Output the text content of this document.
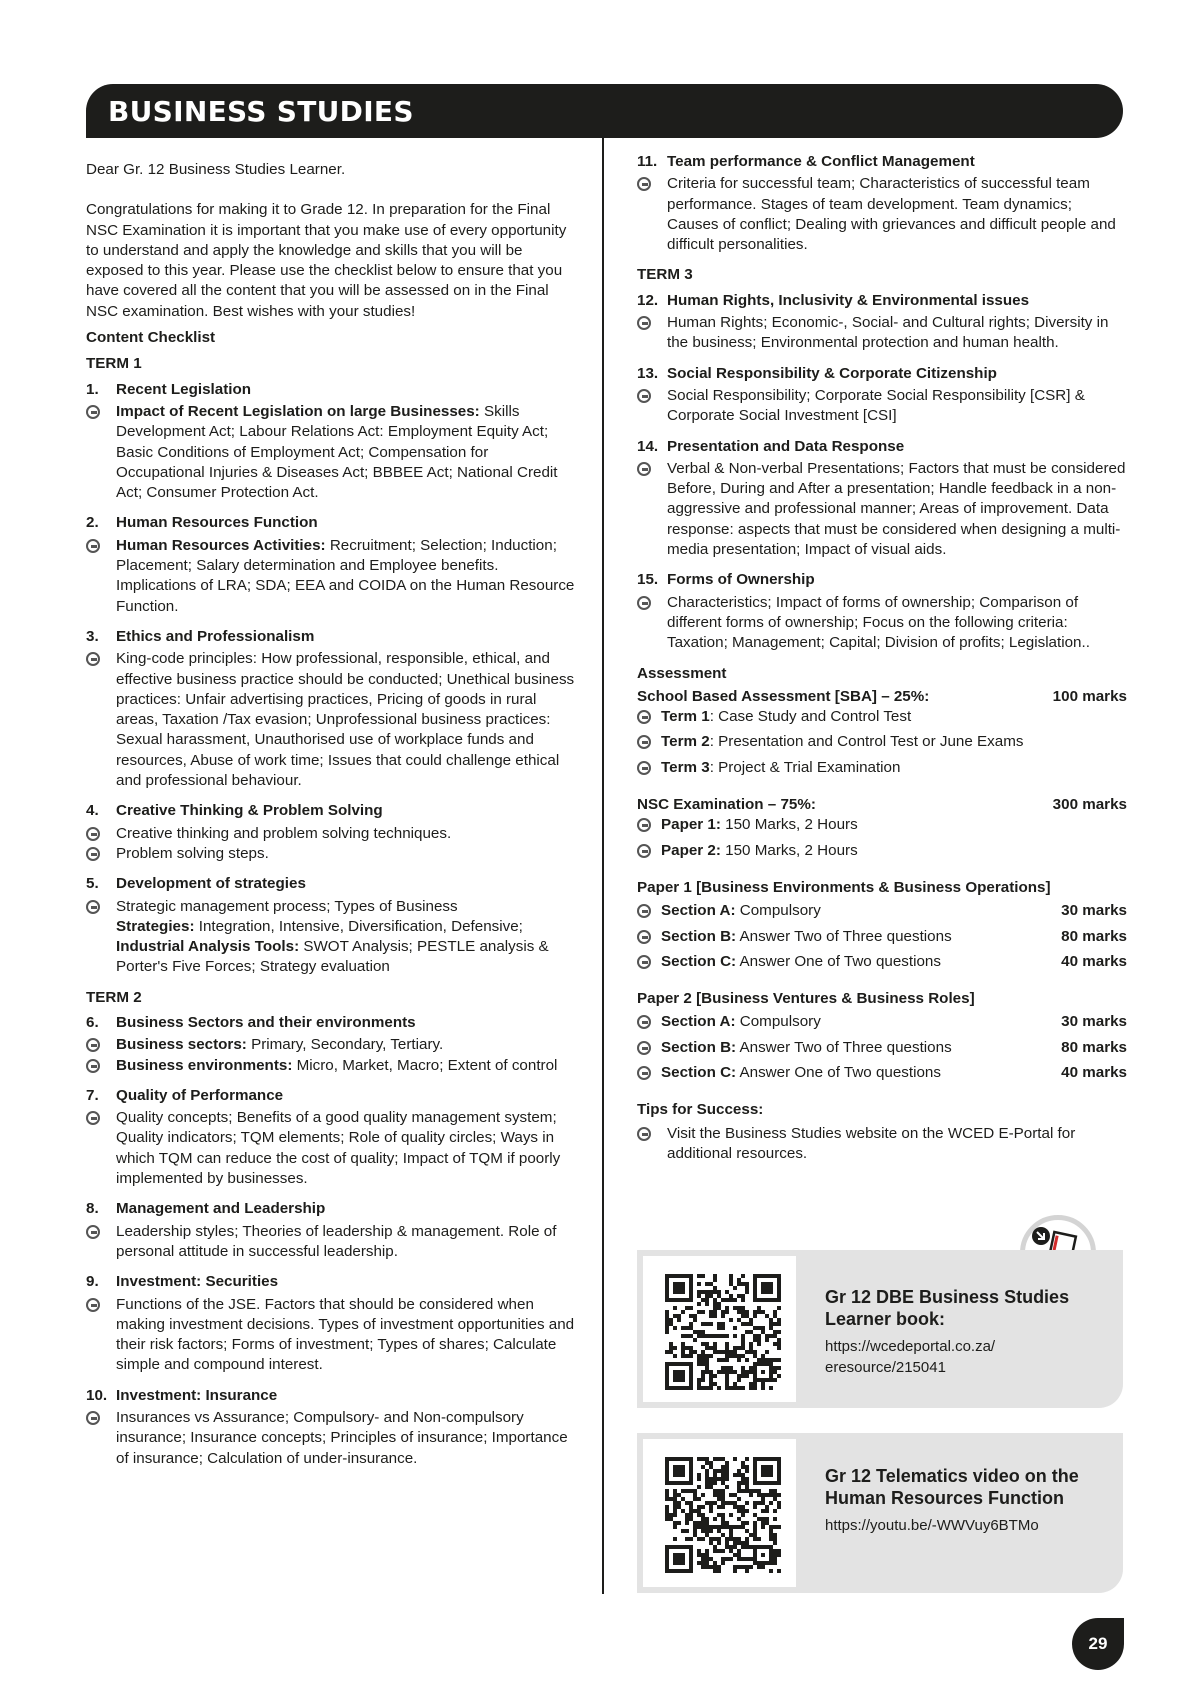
BUSINESS STUDIES

Dear Gr. 12 Business Studies Learner.

Congratulations for making it to Grade 12. In preparation for the Final NSC Examination it is important that you make use of every opportunity to understand and apply the knowledge and skills that you will be exposed to this year. Please use the checklist below to ensure that you have covered all the content that you will be assessed on in the Final NSC examination. Best wishes with your studies!

Content Checklist

TERM 1

1.	Recent Legislation
Impact of Recent Legislation on large Businesses: Skills Development Act; Labour Relations Act: Employment Equity Act; Basic Conditions of Employment Act; Compensation for Occupational Injuries & Diseases Act; BBBEE Act; National Credit Act; Consumer Protection Act.
2.	Human Resources Function
Human Resources Activities: Recruitment; Selection; Induction; Placement; Salary determination and Employee benefits. Implications of LRA; SDA; EEA and COIDA on the Human Resource Function.
3.	Ethics and Professionalism
King-code principles: How professional, responsible, ethical, and effective business practice should be conducted; Unethical business practices: Unfair advertising practices, Pricing of goods in rural areas, Taxation /Tax evasion; Unprofessional business practices: Sexual harassment, Unauthorised use of workplace funds and resources, Abuse of work time; Issues that could challenge ethical and professional behaviour.
4.	Creative Thinking & Problem Solving
Creative thinking and problem solving techniques.
Problem solving steps.
5.	Development of strategies
Strategic management process; Types of Business
Strategies: Integration, Intensive, Diversification, Defensive;
Industrial Analysis Tools: SWOT Analysis; PESTLE analysis & Porter's Five Forces; Strategy evaluation

TERM 2

6.	Business Sectors and their environments
Business sectors: Primary, Secondary, Tertiary.
Business environments: Micro, Market, Macro; Extent of control
7.	Quality of Performance
Quality concepts; Benefits of a good quality management system; Quality indicators; TQM elements; Role of quality circles; Ways in which TQM can reduce the cost of quality; Impact of TQM if poorly implemented by businesses.
8.	Management and Leadership
Leadership styles; Theories of leadership & management. Role of personal attitude in successful leadership.
9.	Investment: Securities
Functions of the JSE. Factors that should be considered when making investment decisions. Types of investment opportunities and their risk factors; Forms of investment; Types of shares; Calculate simple and compound interest.
10. Investment: Insurance
Insurances vs Assurance; Compulsory- and Non-compulsory insurance; Insurance concepts; Principles of insurance; Importance of insurance; Calculation of under-insurance.
11. Team performance & Conflict Management
Criteria for successful team; Characteristics of successful team performance. Stages of team development. Team dynamics; Causes of conflict; Dealing with grievances and difficult people and difficult personalities.

TERM 3

12. Human Rights, Inclusivity & Environmental issues
Human Rights; Economic-, Social- and Cultural rights; Diversity in the business; Environmental protection and human health.
13. Social Responsibility & Corporate Citizenship
Social Responsibility; Corporate Social Responsibility [CSR] & Corporate Social Investment [CSI]
14. Presentation and Data Response
Verbal & Non-verbal Presentations; Factors that must be considered Before, During and After a presentation; Handle feedback in a non-aggressive and professional manner; Areas of improvement. Data response: aspects that must be considered when designing a multi-media presentation; Impact of visual aids.
15. Forms of Ownership
Characteristics; Impact of forms of ownership; Comparison of different forms of ownership; Focus on the following criteria: Taxation; Management; Capital; Division of profits; Legislation..

Assessment

School Based Assessment [SBA] – 25%:	100 marks
Term 1: Case Study and Control Test
Term 2: Presentation and Control Test or June Exams
Term 3: Project & Trial Examination
NSC Examination – 75%:	300 marks
Paper 1: 150 Marks, 2 Hours
Paper 2: 150 Marks, 2 Hours

Paper 1 [Business Environments & Business Operations]

Section A: Compulsory	30 marks
Section B: Answer Two of Three questions	80 marks
Section C: Answer One of Two questions	40 marks

Paper 2 [Business Ventures & Business Roles]

Section A: Compulsory	30 marks
Section B: Answer Two of Three questions	80 marks
Section C: Answer One of Two questions	40 marks

Tips for Success:

Visit the Business Studies website on the WCED E-Portal for additional resources.

Gr 12 DBE Business Studies Learner book:

https://wcedeportal.co.za/
eresource/215041

Gr 12 Telematics video on the Human Resources Function

https://youtu.be/-WWVuy6BTMo

29
